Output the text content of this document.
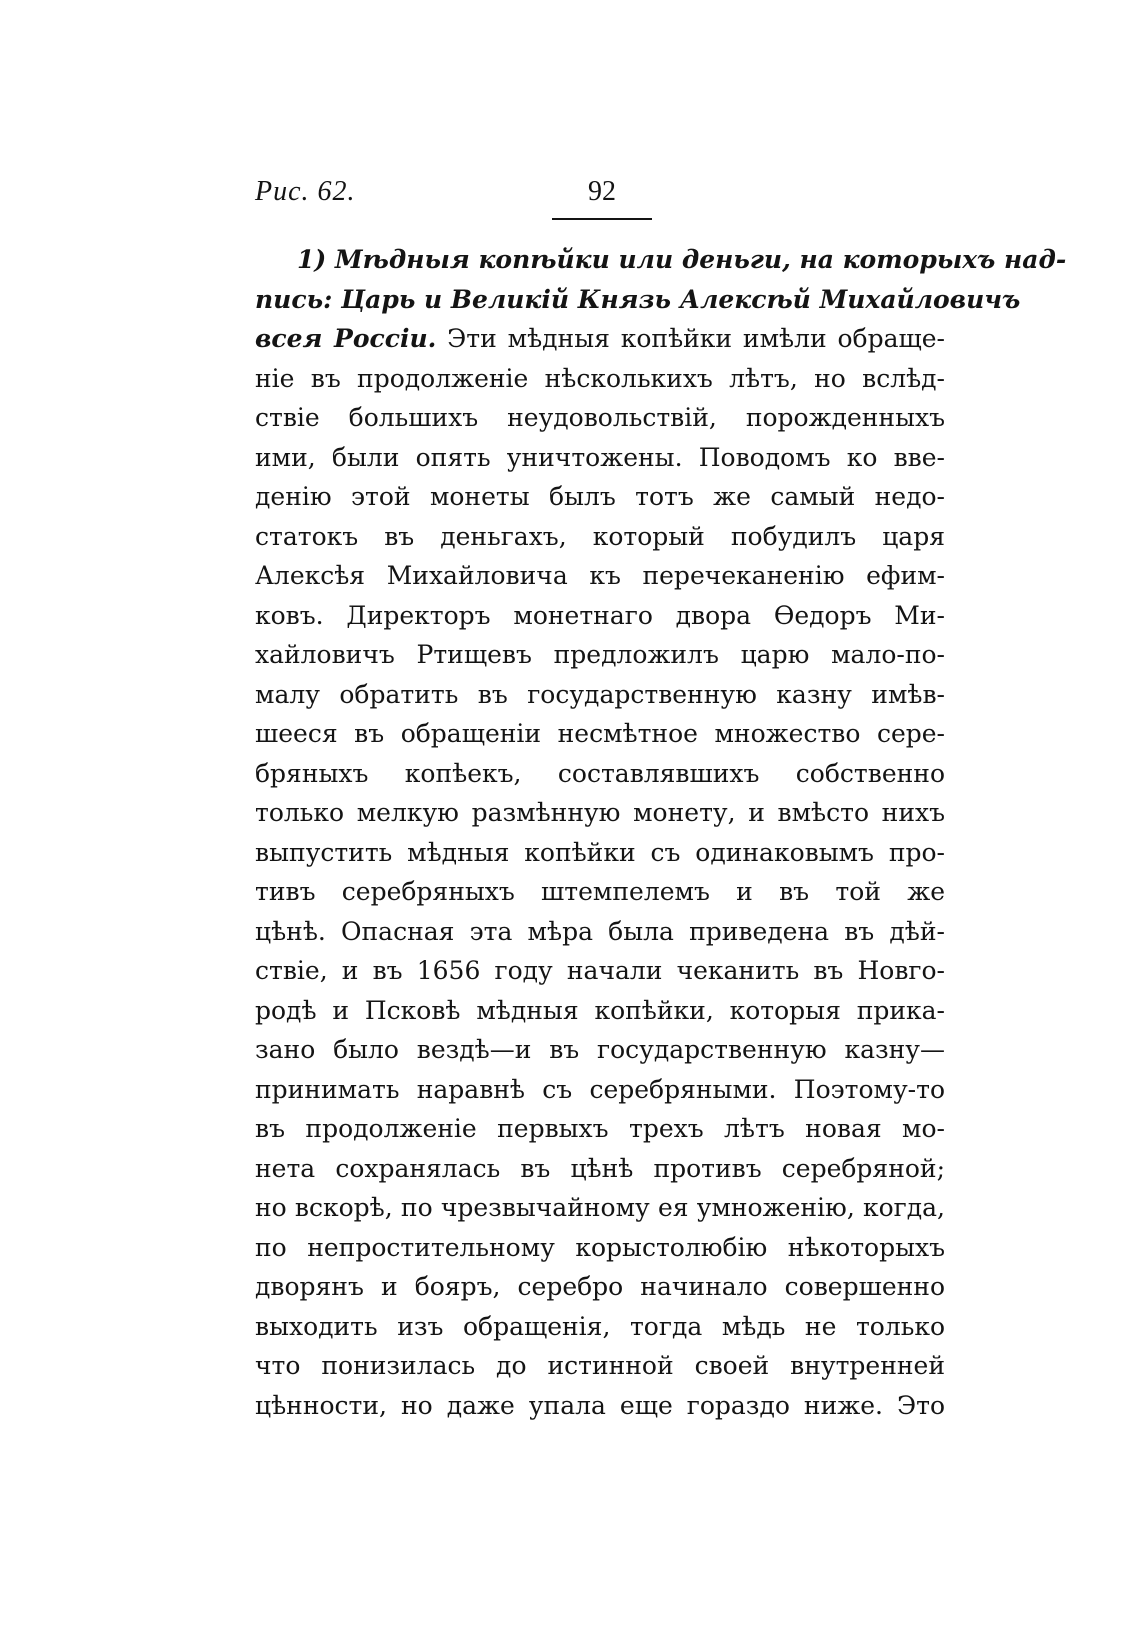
Рис. 62.	92
1) Мѣдныя копѣйки или деньги, на которыхъ над-
пись: Царь и Великій Князь Алексѣй Михайловичъ
всея Россіи. Эти мѣдныя копѣйки имѣли обраще-
ніе въ продолженіе нѣсколькихъ лѣтъ, но вслѣд-
ствіе большихъ неудовольствій, порожденныхъ
ими, были опять уничтожены. Поводомъ ко вве-
денію этой монеты былъ тотъ же самый недо-
статокъ въ деньгахъ, который побудилъ царя
Алексѣя Михайловича къ перечеканенію ефим-
ковъ. Директоръ монетнаго двора Ѳедоръ Ми-
хайловичъ Ртищевъ предложилъ царю мало-по-
малу обратить въ государственную казну имѣв-
шееся въ обращеніи несмѣтное множество сере-
бряныхъ копѣекъ, составлявшихъ собственно
только мелкую размѣнную монету, и вмѣсто нихъ
выпустить мѣдныя копѣйки съ одинаковымъ про-
тивъ серебряныхъ штемпелемъ и въ той же
цѣнѣ. Опасная эта мѣра была приведена въ дѣй-
ствіе, и въ 1656 году начали чеканить въ Новго-
родѣ и Псковѣ мѣдныя копѣйки, которыя прика-
зано было вездѣ—и въ государственную казну—
принимать наравнѣ съ серебряными. Поэтому-то
въ продолженіе первыхъ трехъ лѣтъ новая мо-
нета сохранялась въ цѣнѣ противъ серебряной;
но вскорѣ, по чрезвычайному ея умноженію, когда,
по непростительному корыстолюбію нѣкоторыхъ
дворянъ и бояръ, серебро начинало совершенно
выходить изъ обращенія, тогда мѣдь не только
что понизилась до истинной своей внутренней
цѣнности, но даже упала еще гораздо ниже. Это
